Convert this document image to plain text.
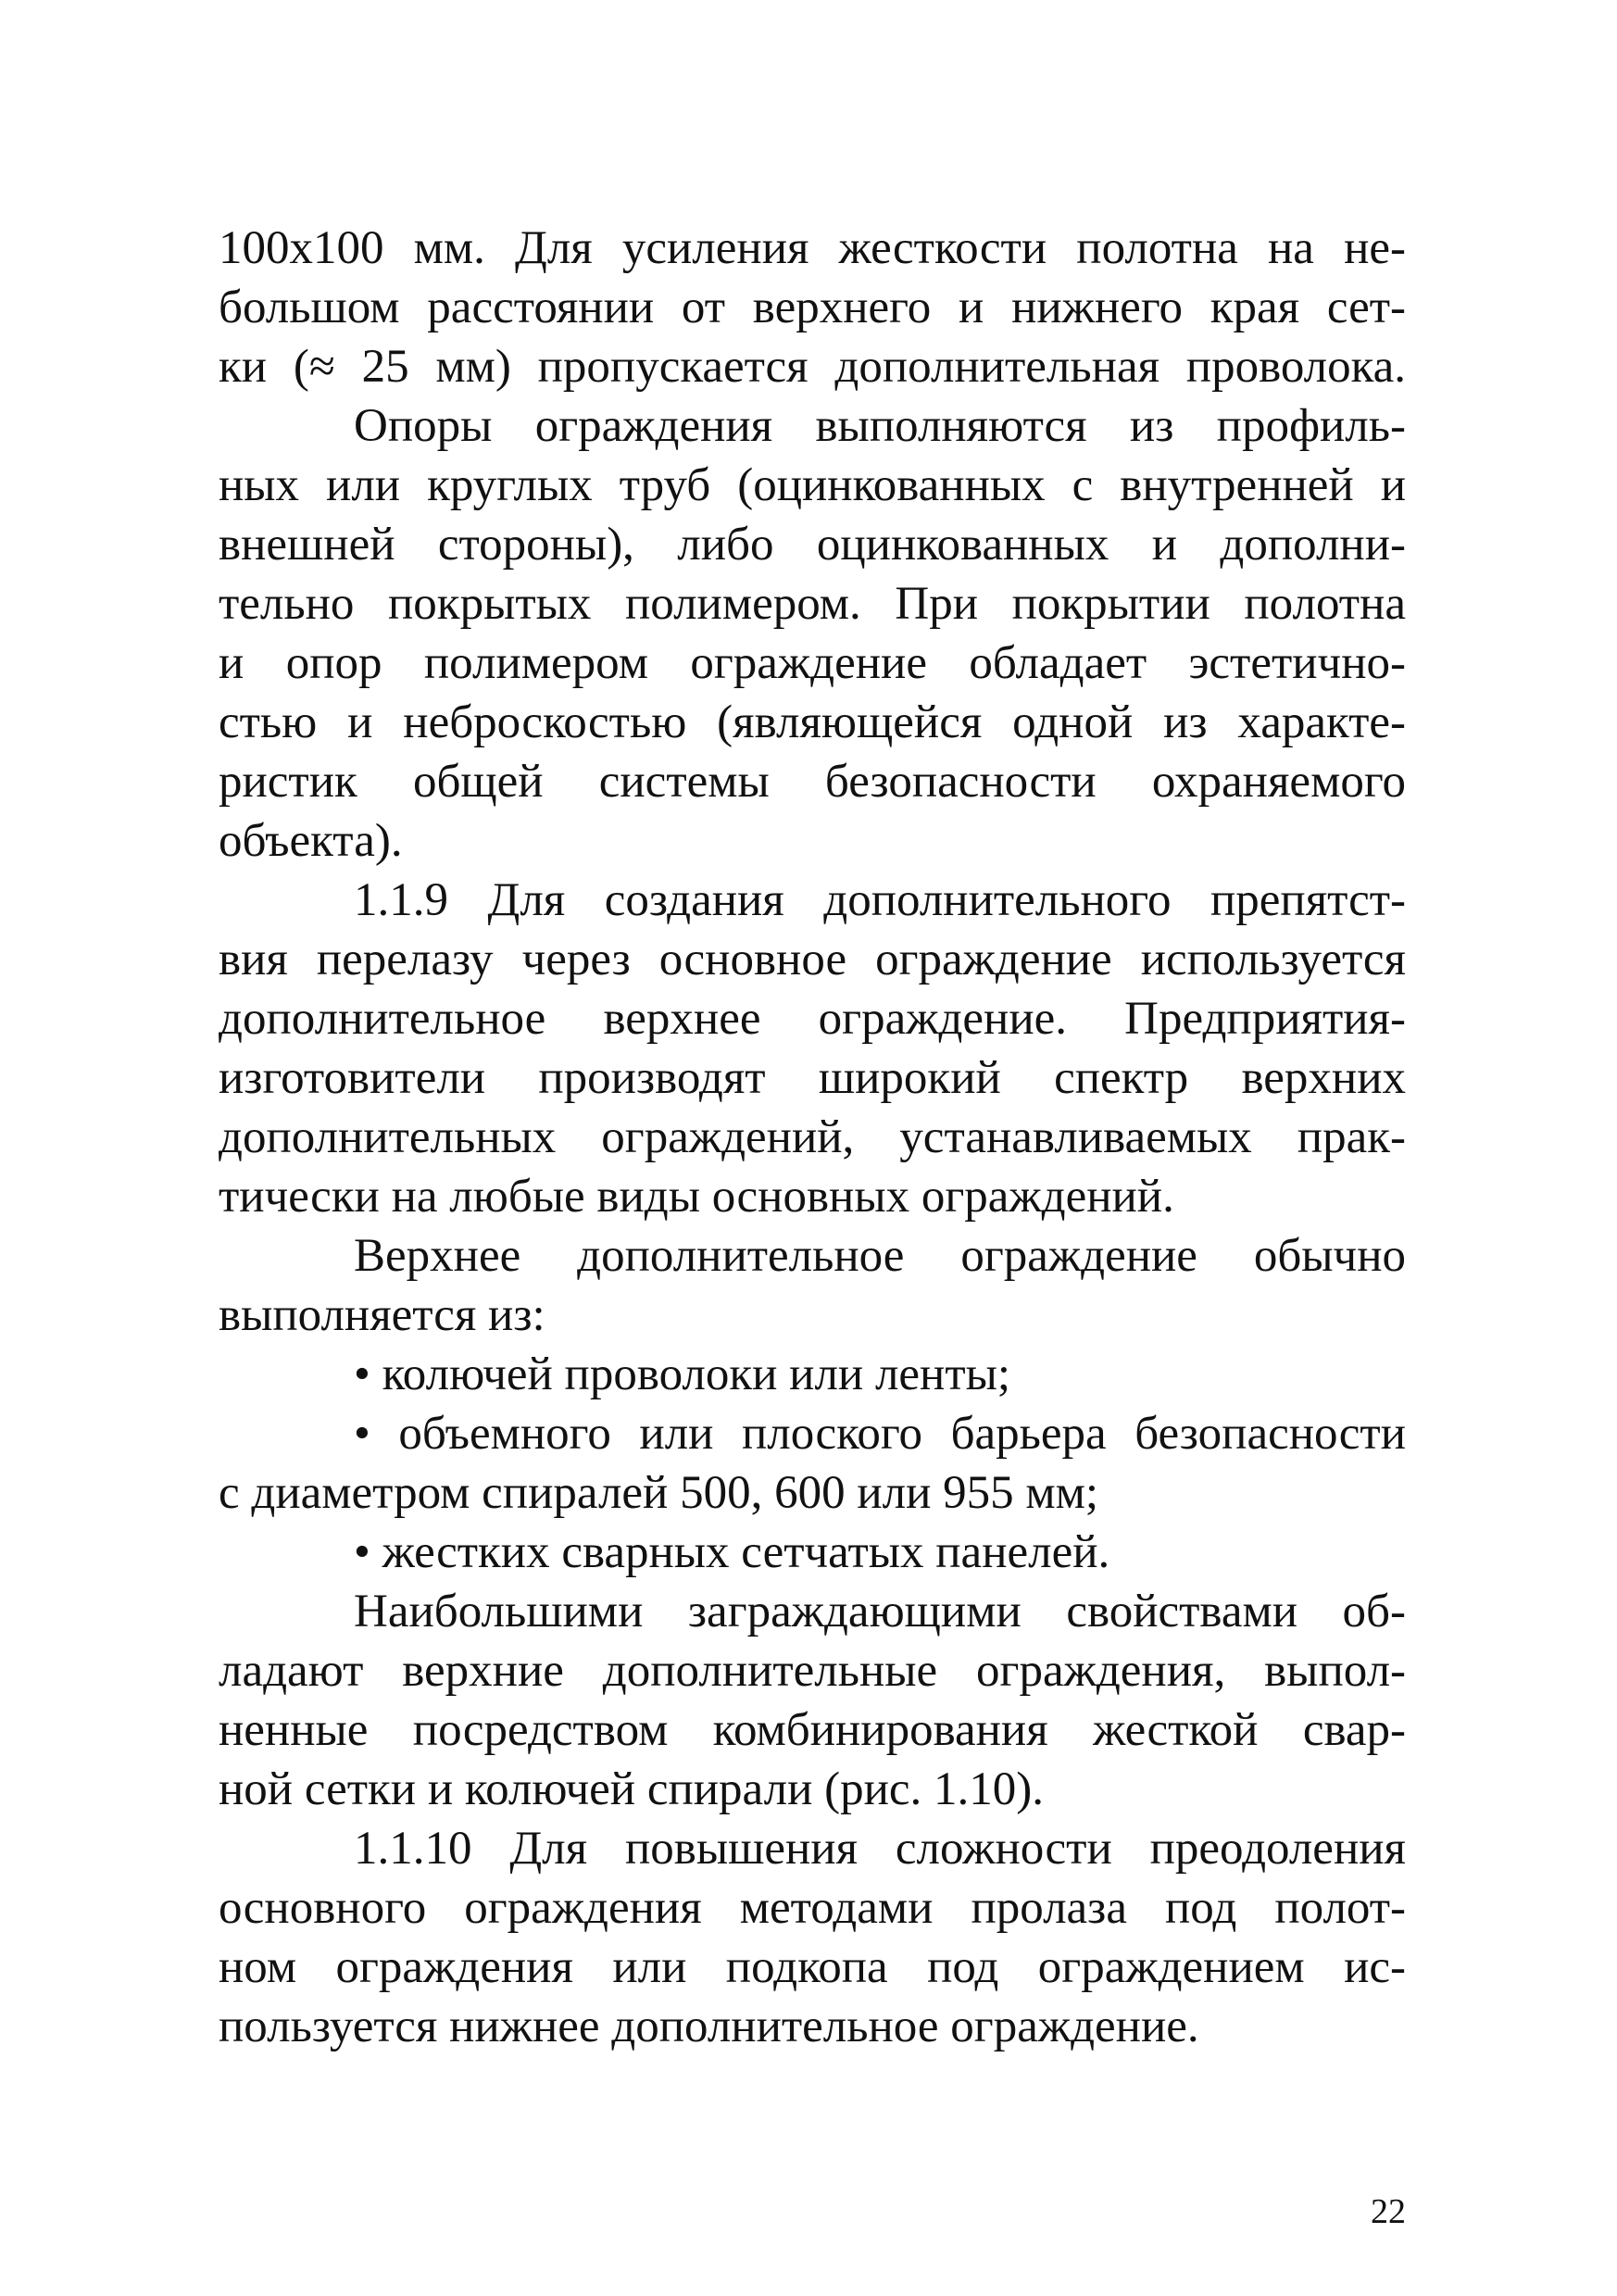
100x100 мм. Для усиления жесткости полотна на не-
большом расстоянии от верхнего и нижнего края сет-
ки (≈ 25 мм) пропускается дополнительная проволока.
Опоры ограждения выполняются из профиль-
ных или круглых труб (оцинкованных с внутренней и
внешней стороны), либо оцинкованных и дополни-
тельно покрытых полимером. При покрытии полотна
и опор полимером ограждение обладает эстетично-
стью и неброскостью (являющейся одной из характе-
ристик общей системы безопасности охраняемого
объекта).
1.1.9 Для создания дополнительного препятст-
вия перелазу через основное ограждение используется
дополнительное верхнее ограждение. Предприятия-
изготовители производят широкий спектр верхних
дополнительных ограждений, устанавливаемых прак-
тически на любые виды основных ограждений.
Верхнее дополнительное ограждение обычно
выполняется из:
• колючей проволоки или ленты;
• объемного или плоского барьера безопасности
с диаметром спиралей 500, 600 или 955 мм;
• жестких сварных сетчатых панелей.
Наибольшими заграждающими свойствами об-
ладают верхние дополнительные ограждения, выпол-
ненные посредством комбинирования жесткой свар-
ной сетки и колючей спирали (рис. 1.10).
1.1.10 Для повышения сложности преодоления
основного ограждения методами пролаза под полот-
ном ограждения или подкопа под ограждением ис-
пользуется нижнее дополнительное ограждение.
22
